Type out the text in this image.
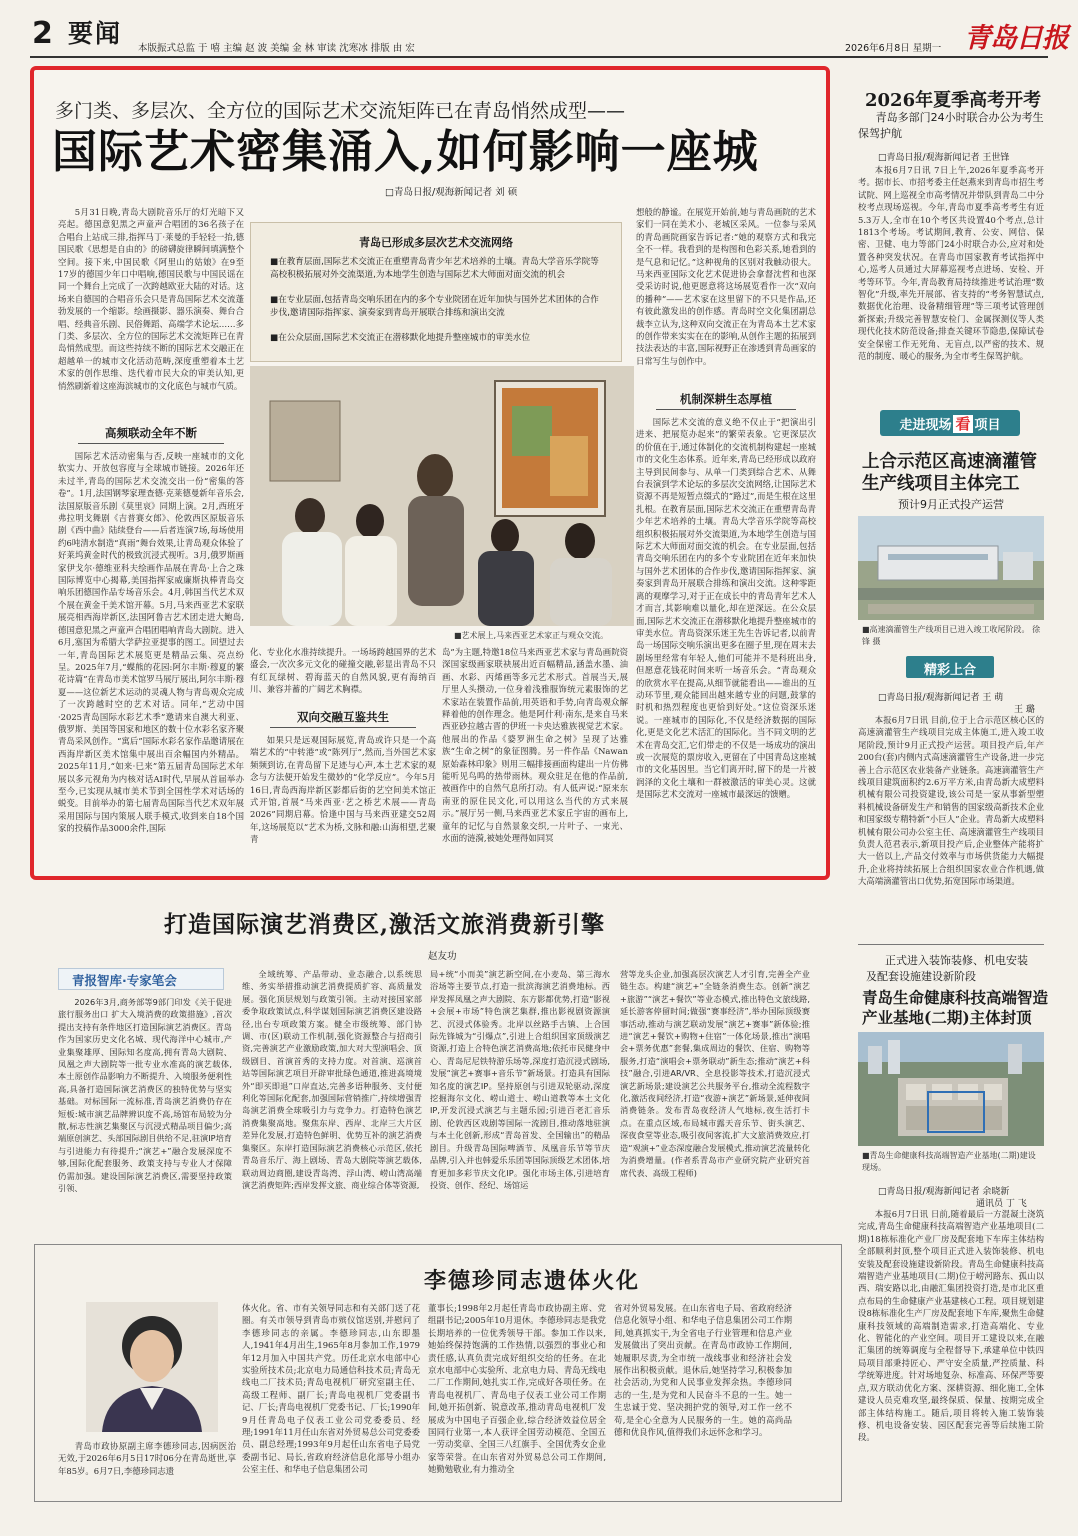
2 要闻
本版振式总监 于 嘻 主编 赵 波 美编 金 林 审读 沈寒冰 排版 由 宏	2026年6月8日 星期一 青岛日报
多门类、多层次、全方位的国际艺术交流矩阵已在青岛悄然成型——
国际艺术密集涌入,如何影响一座城
□青岛日报/观海新闻记者 刘 硕
5月31日晚,青岛大剧院音乐厅的灯光暗下又亮起。德国意犯黑之声童声合唱团的36名孩子在合唱台上站成三排,指挥马丁·莱曼的手轻轻一抬,德国民歌《思想是自由的》的磅礴旋律瞬间填满整个空间。接下来,中国民歌《阿里山的姑娘》在9至17岁的德国少年口中唱响,德国民歌与中国民谣在同一个舞台上完成了一次跨越欧亚大陆的对话。这场来自德国的合唱音乐会只是青岛国际艺术交流蓬勃发展的一个缩影。绘画摄影、器乐演奏、舞台合唱、经典音乐剧、民俗舞蹈、高端学术论坛……多门类、多层次、全方位的国际艺术交流矩阵已在青岛悄然成型。而这些持续不断的国际艺术交融正在超越单一的城市文化活动范畴,深度重塑着本土艺术家的创作思维、迭代着市民大众的审美认知,更悄然刷新着这座海滨城市的文化底色与城市气质。
高频联动全年不断
国际艺术活动密集与否,反映一座城市的文化软实力、开放包容度与全球城市链接。2026年还未过半,青岛的国际艺术交流交出一份“密集的答卷”。1月,法国钢琴家理查德·克莱德曼新年音乐会,法国原版音乐剧《莫里哀》同期上演。2月,西班牙弗拉明戈舞剧《吉普赛女郎》、伦敦西区原版音乐剧《西中曲》陆续登台——后者连演7场,每场使用约6吨清水制造“真雨”舞台效果,让青岛观众体验了好莱坞黄金时代的极致沉浸式视听。3月,俄罗斯画家伊戈尔·德维亚科夫绘画作品展在青岛·上合之珠国际博览中心揭幕,美国指挥家威廉斯执棒青岛交响乐团德国作品专场音乐会。4月,韩国当代艺术双个展在黄金千美术馆开幕。5月,马来西亚艺术家联展亮相西海岸新区,法国阿鲁吉艺术团走进大鲍岛,德国意犯黑之声童声合唱团唱响青岛大剧院。进入6月,塞国为希腊大学萨拉亚提事的图工。回望过去一年,青岛国际艺术展览更是精品云集、亮点纷呈。2025年7月,“蝶熊的花园:阿尔丰斯·穆夏的繁花诗篇”在青岛市美术馆罗马展厅展出,阿尔丰斯·穆夏——这位新艺术运动的灵魂人物与青岛观众完成了一次跨越时空的艺术对话。同年,“艺动中国·2025青岛国际水彩艺术季”邀请来自澳大利亚、俄罗斯、美国等国家和地区的数十位水彩名家齐聚青岛采风创作。“寓后”国际水彩名家作品邀请展在西海岸新区美术馆集中展出百余幅国内外精品。2025年11月,“如来·巳来”第五届青岛国际艺术年展以多元视角为内核对话AI时代,早展从首届举办至今,已实现从城市美术节到全国性学术对话场的蜕变。目前举办的第七届青岛国际当代艺术双年展采用国际与国内策展人联手模式,收到来自18个国家的投稿作品3000余件,国际
青岛已形成多层次艺术交流网络
■在教育层面,国际艺术交流正在重塑青岛青少年艺术培养的土壤。青岛大学音乐学院等高校积极拓展对外交流渠道,为本地学生创造与国际艺术大师面对面交流的机会
■在专业层面,包括青岛交响乐团在内的多个专业院团在近年加快与国外艺术团体的合作步伐,邀请国际指挥家、演奏家到青岛开展联合排练和演出交流
■在公众层面,国际艺术交流正在潜移默化地提升整座城市的审美水位
■艺术展上,马来西亚艺术家正与观众交流。
化、专业化水准持续提升。一场场跨越国界的艺术盛会,一次次多元文化的碰撞交融,彰显出青岛不只有红瓦绿树、碧海蓝天的自然风貌,更有海纳百川、兼容并蓄的广阔艺术胸襟。
双向交融互鉴共生
如果只是远观国际展览,青岛或许只是一个高端艺术的“中转港”或“陈列厅”,然而,当外国艺术家频频到访,在青岛留下足迹与心声,本土艺术家的观念与方法便开始发生微妙的“化学反应”。今年5月16日,青岛西海岸新区影都后街的艺空间美术馆正式开馆,首展“马来西亚·艺之桥艺术展——青岛2026”同期启幕。恰逢中国与马来西亚建交52周年,这场展览以“艺术为桥,文脉和融:山海相望,艺聚青
岛”为主题,特邀18位马来西亚艺术家与青岛画院资深国家级画家联袂展出近百幅精品,涵盖水墨、油画、水彩、丙烯画等多元艺术形式。首展当天,展厅里人头攒动,一位身着浅雅服饰统元素服饰的艺术家站在装置作品前,用英语和手势,向青岛观众解释着他的创作理念。他是阿什利·南东,是来自马来西亚砂拉越古晋的伊班一卡央达雅族视觉艺术家。他展出的作品《婆罗洲生命之树》呈现了达雅族“生命之树”的象征图腾。另一件作品《Nawan原始森林印象》则用三幅排接画面构建出一片仿佛能听见鸟鸣的热带雨林。观众驻足在他的作品前,被画作中的自然气息所打动。有人低声说:“原来东南亚的原住民文化,可以用这么当代的方式来展示。”展厅另一侧,马来西亚艺术家丘宇宙的画布上,童年的记忆与自然景象交织,一片叶子、一束光、水面的涟漪,被她处理得如同冥
想般的静谧。在展览开始前,她与青岛画院的艺术家们一同在美术小、老城区采风。一位参与采风的青岛画院画家告诉记者:“她的观察方式和我完全不一样。我看到的是构图和色彩关系,她看到的是气息和记忆。”这种视角的区别对我触动很大。马来西亚国际文化艺术促进协会拿督沈哲和也深受采访时说,他更愿意将这场展览看作一次“双向的播种”——艺术家在这里留下的不只是作品,还有彼此激发出的创作感。青岛时空文化集团副总裁李立认为,这种双向交流正在为青岛本土艺术家的创作带来实实在在的影响,从创作主题的拓展到技法表达的丰富,国际视野正在渗透到青岛画家的日常写生与创作中。
机制深耕生态厚植
国际艺术交流的意义绝不仅止于“把演出引进来、把展览办起来”的繁荣表象。它更深层次的价值在于,通过体制化的交流机制构建起一座城市的文化生态体系。近年来,青岛已经形成以政府主导到民间参与、从单一门类到综合艺术、从舞台表演到学术论坛的多层次交流网络,让国际艺术资源不再是短暂点缀式的“路过”,而是生根在这里扎根。在教育层面,国际艺术交流正在重塑青岛青少年艺术培养的土壤。青岛大学音乐学院等高校组织积极拓展对外交流渠道,为本地学生创造与国际艺术大师面对面交流的机会。在专业层面,包括青岛交响乐团在内的多个专业院团在近年来加快与国外艺术团体的合作步伐,邀请国际指挥家、演奏家到青岛开展联合排练和演出交流。这种零距离的观摩学习,对于正在成长中的青岛青年艺术人才而言,其影响难以量化,却在逆深远。在公众层面,国际艺术交流正在潜移默化地提升整座城市的审美水位。青岛资深乐迷王先生告诉记者,以前青岛一场国际交响乐演出更多在圈子里,现在周末去剧场里经常有年轻人,他们可能并不是科班出身,但愿意花钱花时间来听一场音乐会。“青岛观众的欣赏水平在提高,从细节就能看出——谁出的互动环节里,观众能回出越来越专业的问题,鼓掌的时机和热烈程度也更恰到好处。”这位资深乐迷说。一座城市的国际化,不仅是经济数据的国际化,更是文化艺术活汇的国际化。当不同文明的艺术在青岛交汇,它们带走的不仅是一场成功的演出或一次展览的票房收入,更留在了中国青岛这座城市的文化基因里。当它们离开时,留下的是一片被润泽的文化土壤和一群被激活的审美心灵。这就是国际艺术交流对一座城市最深远的馈赠。
2026年夏季高考开考
青岛多部门24小时联合办公为考生保驾护航
□青岛日报/观海新闻记者 王世锋
本报6月7日讯 7日上午,2026年夏季高考开考。据市长、市招考委主任赵燕来到青岛市招生考试院、网上巡视全市高考情况并带队到青岛二中分校考点现场巡视。今年,青岛市夏季高考考生有近5.3万人,全市在10个考区共设置40个考点,总计1813个考场。考试期间,教育、公安、网信、保密、卫健、电力等部门24小时联合办公,应对和处置各种突发状况。在青岛市国家教育考试指挥中心,巡考人员通过大屏幕巡视考点进场、安检、开考等环节。今年,青岛教育局持续推进考试治理“数智化”升级,率先开展部、省支持的“考务智慧试点,数据优化治理、设备精细管理”等三项考试管理创新探索;升级完善智慧安检门、金属探测仪等人类现代化技术防范设备;排查关键环节隐患,保障试卷安全保密工作无死角、无盲点,以严密的技术、规范的制度、暖心的服务,为全市考生保驾护航。
走进现场 看 项目
上合示范区高速滴灌管
生产线项目主体完工
预计9月正式投产运营
■高速滴灌管生产线项目已进入竣工收尾阶段。 徐 锋 摄
精彩上合
□青岛日报/观海新闻记者 王 萌
王 璐
本报6月7日讯 目前,位于上合示范区核心区的高速滴灌管生产线项目完成主体施工,进入竣工收尾阶段,预计9月正式投产运营。项目投产后,年产200台(套)内侧内式高速滴灌管生产设备,进一步完善上合示范区农业装备产业链条。高速滴灌管生产线项目建筑面积约2.6万平方米,由青岛新大成塑料机械有限公司投资建设,该公司是一家从事新型塑料机械设备研发生产和销售的国家级高新技术企业和国家级专精特新“小巨人”企业。青岛新大成塑料机械有限公司办公室主任、高速滴灌管生产线项目负责人范君表示,新项目投产后,企业整体产能将扩大一倍以上,产品交付效率与市场供货能力大幅提升,企业将持续拓展上合组织国家农业合作机遇,做大高端滴灌管出口优势,拓宽国际市场渠道。
正式进入装饰装修、机电安装
及配套设施建设新阶段
青岛生命健康科技高端智造
产业基地(二期)主体封顶
■青岛生命健康科技高端智造产业基地(二期)建设现场。
□青岛日报/观海新闻记者 余晓新
通讯员 丁 飞
本报6月7日讯 日前,随着最后一方混凝土浇筑完成,青岛生命健康科技高端智造产业基地项目(二期)18栋标准化产业厂房及配套地下车库主体结构全部顺利封顶,整个项目正式进入装饰装修、机电安装及配套设施建设新阶段。青岛生命健康科技高端智造产业基地项目(二期)位于崂河路东、孤山以西、瑞安路以北,由融汇集团投资打造,是市北区重点布局的生命健康产业基建核心工程。项目规划建设8栋标准化生产厂房及配套地下车库,聚焦生命健康科技领域的高端制造需求,打造高端化、专业化、智能化的产业空间。项目开工建设以来,在融汇集团的统筹调度与全程督导下,承建单位中铁四局项目部秉持匠心、严守安全质量,严控质量、科学统筹进度。针对场地复杂、标准高、环保严等要点,双方联动优化方案、深耕资源、细化施工,全体建设人员克难攻坚,最终保质、保量、按期完成全部主体结构施工。随后,项目将转入施工装饰装修、机电设备安装、园区配套完善等后续施工阶段。
打造国际演艺消费区,激活文旅消费新引擎
赵友功
青报智库·专家笔会
2026年3月,商务部等9部门印发《关于促进旅行服务出口 扩大入境消费的政策措施》,首次提出支持有条件地区打造国际演艺消费区。青岛作为国家历史文化名城、现代海洋中心城市,产业集聚雄厚、国际知名度高,拥有青岛大剧院、凤凰之声大剧院等一批专业水准高的演艺载体,本土原创作品影响力不断提升、入境服务便利性高,具备打造国际演艺消费区的独特优势与坚实基础。对标国际一流标准,青岛演艺消费仍存在短板:城市演艺品牌辨识度不高,场馆布局较为分散,标志性演艺集聚区与沉浸式精品项目偏少;高端原创演艺、头部国际剧目供给不足,驻演IP培育与引进能力有待提升;“演艺+”融合发展深度不够,国际化配套服务、政策支持与专业人才保障仍需加强。建设国际演艺消费区,需要坚持政策引领、
全域统筹、产品带动、业态融合,以系统思维、务实举措推动演艺消费提质扩容、高质量发展。强化顶层规划与政策引领。主动对接国家部委争取政策试点,科学谋划国际演艺消费区建设路径,出台专项政策方案。健全市级统筹、部门协调、市(区)联动工作机制,强化资源整合与招商引资,完善演艺产业激励政策,加大对大型演唱会、顶级剧目、首演首秀的支持力度。对首演、巡演首站等国际演艺项目开辟审批绿色通道,推进高境境外“即买即退”口岸直达,完善多语种服务、支付便利化等国际化配套,加强国际营销推广,持续增强青岛演艺消费全球吸引力与竞争力。打造特色演艺消费集聚高地。聚焦东岸、西岸、北岸三大片区差异化发展,打造特色鲜明、优势互补的演艺消费集聚区。东岸打造国际演艺消费核心示范区,依托青岛音乐厅、海上剧场、青岛大剧院等演艺载体,联动周边商圈,建设青岛湾、浮山湾、崂山湾高端演艺消费矩阵;西岸发挥文旅、商业综合体等资源,
局+统“小而美”演艺新空间,在小麦岛、第三海水浴场等主要节点,打造一批滨海演艺消费地标。西岸发挥凤凰之声大剧院、东方影都优势,打造“影视+会展+市场”特色演艺集群,推出影视剧资源演艺、沉浸式体验秀。北岸以丝路手古镇、上合国际先锋城为“引爆点”,引进上合组织国家顶级演艺资源,打造上合特色演艺消费高地;依托市民健身中心、青岛尼尼铁特游乐场等,深度打造沉浸式剧场,发展“演艺+赛事+音乐节”新场景。打造具有国际知名度的演艺IP。坚持原创与引进双轮驱动,深度挖掘海尔文化、崂山道士、崂山道教等本土文化IP,开发沉浸式演艺与主题乐园;引进百老汇音乐剧、伦敦西区戏剧等国际一流剧目,推动落地驻演与本土化创新,形成“青岛首发、全国输出”的精品剧目。升级青岛国际啤酒节、凤凰音乐节等节庆品牌,引入并也韩爱乐乐团等国际顶级艺术团体,培育更加多彩节庆文化IP。强化市场主体,引进培育投资、创作、经纪、场馆运
营等龙头企业,加强高层次演艺人才引育,完善全产业链生态。构建“演艺+”全链条消费生态。创新“演艺+旅游”“演艺+餐饮”等业态模式,推出特色文旅线路,延长游客停留时间;做强“赛事经济”,举办国际顶级赛事活动,推动与演艺联动发展“演艺+赛事”新体验;推进“演艺+餐饮+购物+住宿”一体化场景,推出“演唱会+票务优惠”套餐,集成周边的餐饮、住宿、购物等服务,打造“演唱会+票务联动”新生态;推动“演艺+科技”融合,引进AR/VR、全息投影等技术,打造沉浸式演艺新场景;建设演艺公共服务平台,推动全流程数字化,激活夜间经济,打造“夜游+演艺”新场景,延伸夜间消费链条。发布青岛夜经济人气地标,夜生活打卡点。在重点区域,布局城市露天音乐节、街头演艺、深夜食堂等业态,吸引夜间客流,扩大文旅消费效应,打造“观演+”业态深度融合发展模式,推动演艺流量转化为消费增量。(作者系青岛市产业研究院产业研究首席代表、高级工程师)
李德珍同志遗体火化
青岛市政协原副主席李德珍同志,因病医治无效,于2026年6月5日17时06分在青岛逝世,享年85岁。6月7日,李德珍同志遗
体火化。省、市有关领导同志和有关部门送了花圈。有关市领导到青岛市殡仪馆送别,并慰问了李德珍同志的亲属。李德珍同志,山东即墨人,1941年4月出生,1965年8月参加工作,1979年12月加入中国共产党。历任北京水电部中心实验所技术员;北京电力局通信科技术员;青岛无线电二厂技术员;青岛电视机厂研究室副主任、高级工程师、副厂长;青岛电视机厂党委副书记、厂长;青岛电视机厂党委书记、厂长;1990年9月任青岛电子仪表工业公司党委委员、经理;1991年11月任山东省对外贸易总公司党委委员、副总经理;1993年9月起任山东省电子局党委副书记、局长,省政府经济信息化部导小组办公室主任、和华电子信息集团公司
董事长;1998年2月起任青岛市政协副主席、党组副书记;2005年10月退休。李德珍同志是我党长期培养的一位优秀领导干部。参加工作以来,她始终保持饱满的工作热情,以强烈的事业心和责任感,认真负责完成好组织交给的任务。在北京水电部中心实验所、北京电力局、青岛无线电二厂工作期间,她扎实工作,完成好各项任务。在青岛电视机厂、青岛电子仪表工业公司工作期间,她开拓创新、锐意改革,推动青岛电视机厂发展成为中国电子百强企业,综合经济效益位居全国同行业第一,本人获评全国劳动模范、全国五一劳动奖章、全国三八红旗手、全国优秀女企业家等荣誉。在山东省对外贸易总公司工作期间,她勤勉敬业,有力推动全
省对外贸易发展。在山东省电子局、省政府经济信息化领导小组、和华电子信息集团公司工作期间,她真抓实干,为全省电子行业管理和信息产业发展做出了突出贡献。在青岛市政协工作期间,她履职尽责,为全市统一战线事业和经济社会发展作出积极贡献。退休后,她坚持学习,积极参加社会活动,为党和人民事业发挥余热。李德珍同志的一生,是为党和人民奋斗不息的一生。她一生忠诚于党、坚决拥护党的领导,对工作一丝不苟,是全心全意为人民服务的一生。她的高尚品德和优良作风,值得我们永远怀念和学习。
